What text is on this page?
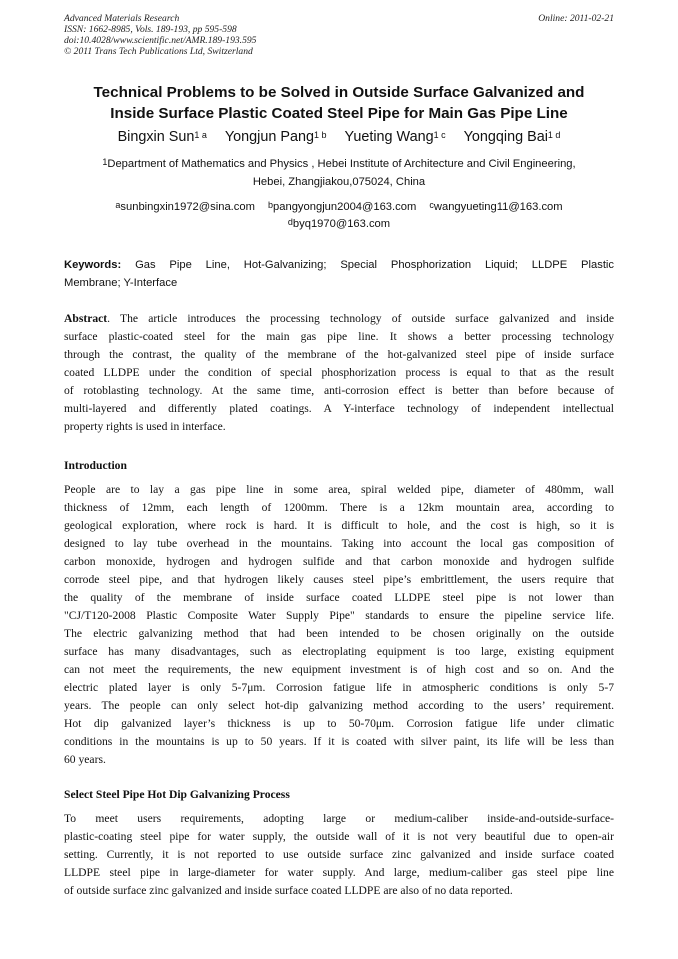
Advanced Materials Research
ISSN: 1662-8985, Vols. 189-193, pp 595-598
doi:10.4028/www.scientific.net/AMR.189-193.595
© 2011 Trans Tech Publications Ltd, Switzerland
Online: 2011-02-21
Technical Problems to be Solved in Outside Surface Galvanized and
Inside Surface Plastic Coated Steel Pipe for Main Gas Pipe Line
Bingxin Sun$^{1 a}$ Yongjun Pang$^{1 b}$ Yueting Wang$^{1 c}$ Yongqing Bai$^{1 d}$
$^1$Department of Mathematics and Physics , Hebei Institute of Architecture and Civil Engineering,
Hebei, Zhangjiakou,075024, China
$^a$sunbingxin1972@sina.com $^b$pangyongjun2004@163.com $^c$wangyueting11@163.com
$^d$byq1970@163.com
Keywords: Gas Pipe Line, Hot-Galvanizing; Special Phosphorization Liquid; LLDPE Plastic
Membrane; Y-Interface
Abstract. The article introduces the processing technology of outside surface galvanized and inside
surface plastic-coated steel for the main gas pipe line. It shows a better processing technology
through the contrast, the quality of the membrane of the hot-galvanized steel pipe of inside surface
coated LLDPE under the condition of special phosphorization process is equal to that as the result
of rotoblasting technology. At the same time, anti-corrosion effect is better than before because of
multi-layered and differently plated coatings. A Y-interface technology of independent intellectual
property rights is used in interface.
Introduction
People are to lay a gas pipe line in some area, spiral welded pipe, diameter of 480mm, wall
thickness of 12mm, each length of 1200mm. There is a 12km mountain area, according to
geological exploration, where rock is hard. It is difficult to hole, and the cost is high, so it is
designed to lay tube overhead in the mountains. Taking into account the local gas composition of
carbon monoxide, hydrogen and hydrogen sulfide and that carbon monoxide and hydrogen sulfide
corrode steel pipe, and that hydrogen likely causes steel pipe’s embrittlement, the users require that
the quality of the membrane of inside surface coated LLDPE steel pipe is not lower than
"CJ/T120-2008 Plastic Composite Water Supply Pipe" standards to ensure the pipeline service life.
The electric galvanizing method that had been intended to be chosen originally on the outside
surface has many disadvantages, such as electroplating equipment is too large, existing equipment
can not meet the requirements, the new equipment investment is of high cost and so on. And the
electric plated layer is only 5-7μm. Corrosion fatigue life in atmospheric conditions is only 5-7
years. The people can only select hot-dip galvanizing method according to the users’ requirement.
Hot dip galvanized layer’s thickness is up to 50-70μm. Corrosion fatigue life under climatic
conditions in the mountains is up to 50 years. If it is coated with silver paint, its life will be less than
60 years.
Select Steel Pipe Hot Dip Galvanizing Process
To meet users requirements, adopting large or medium-caliber inside-and-outside-surface-
plastic-coating steel pipe for water supply, the outside wall of it is not very beautiful due to open-air
setting. Currently, it is not reported to use outside surface zinc galvanized and inside surface coated
LLDPE steel pipe in large-diameter for water supply. And large, medium-caliber gas steel pipe line
of outside surface zinc galvanized and inside surface coated LLDPE are also of no data reported.
